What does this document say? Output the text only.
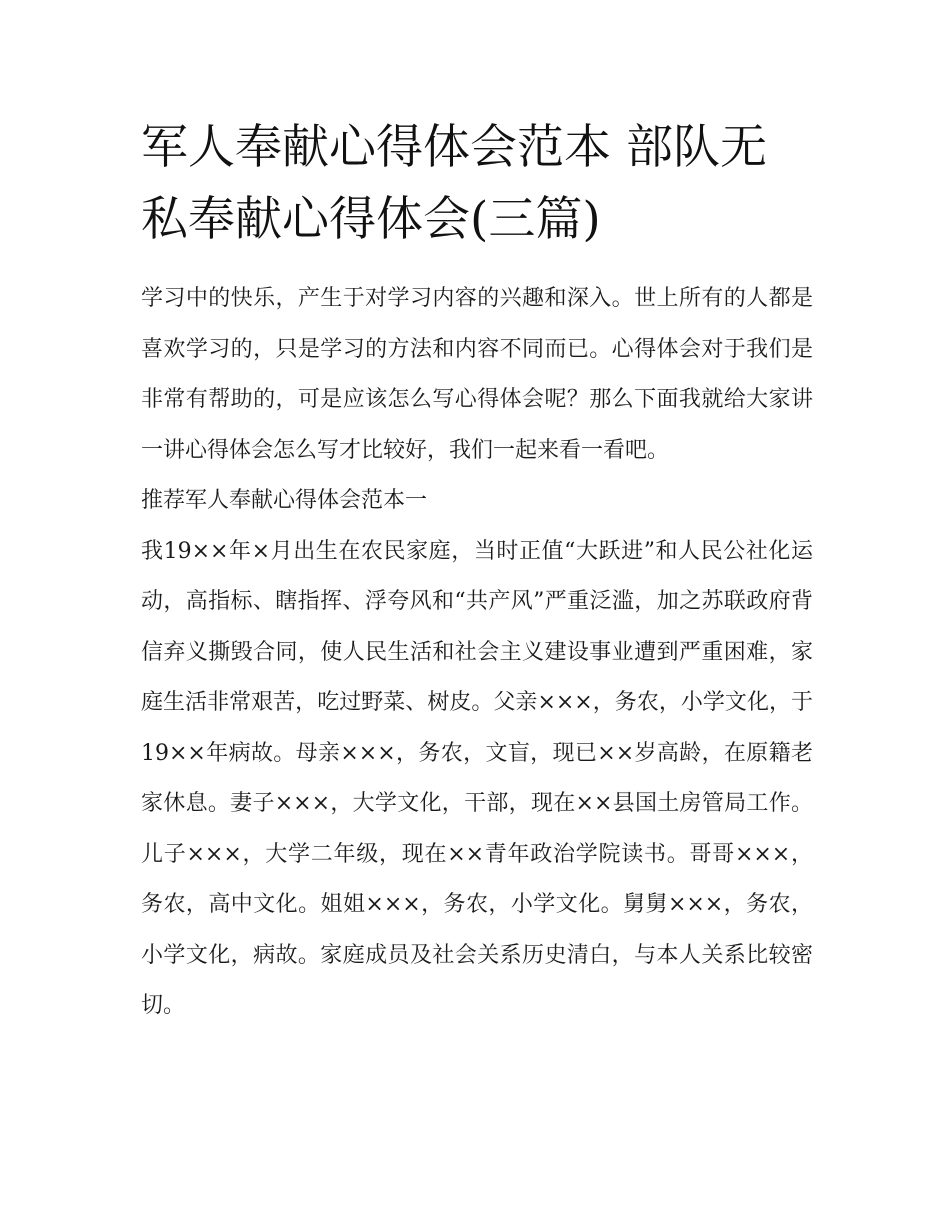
军人奉献心得体会范本 部队无私奉献心得体会(三篇)

学习中的快乐，产生于对学习内容的兴趣和深入。世上所有的人都是喜欢学习的，只是学习的方法和内容不同而已。心得体会对于我们是非常有帮助的，可是应该怎么写心得体会呢？那么下面我就给大家讲一讲心得体会怎么写才比较好，我们一起来看一看吧。

推荐军人奉献心得体会范本一

我19××年×月出生在农民家庭，当时正值“大跃进”和人民公社化运动，高指标、瞎指挥、浮夸风和“共产风”严重泛滥，加之苏联政府背信弃义撕毁合同，使人民生活和社会主义建设事业遭到严重困难，家庭生活非常艰苦，吃过野菜、树皮。父亲×××，务农，小学文化，于19××年病故。母亲×××，务农，文盲，现已××岁高龄，在原籍老家休息。妻子×××，大学文化，干部，现在××县国土房管局工作。儿子×××，大学二年级，现在××青年政治学院读书。哥哥×××，务农，高中文化。姐姐×××，务农，小学文化。舅舅×××，务农，小学文化，病故。家庭成员及社会关系历史清白，与本人关系比较密切。
